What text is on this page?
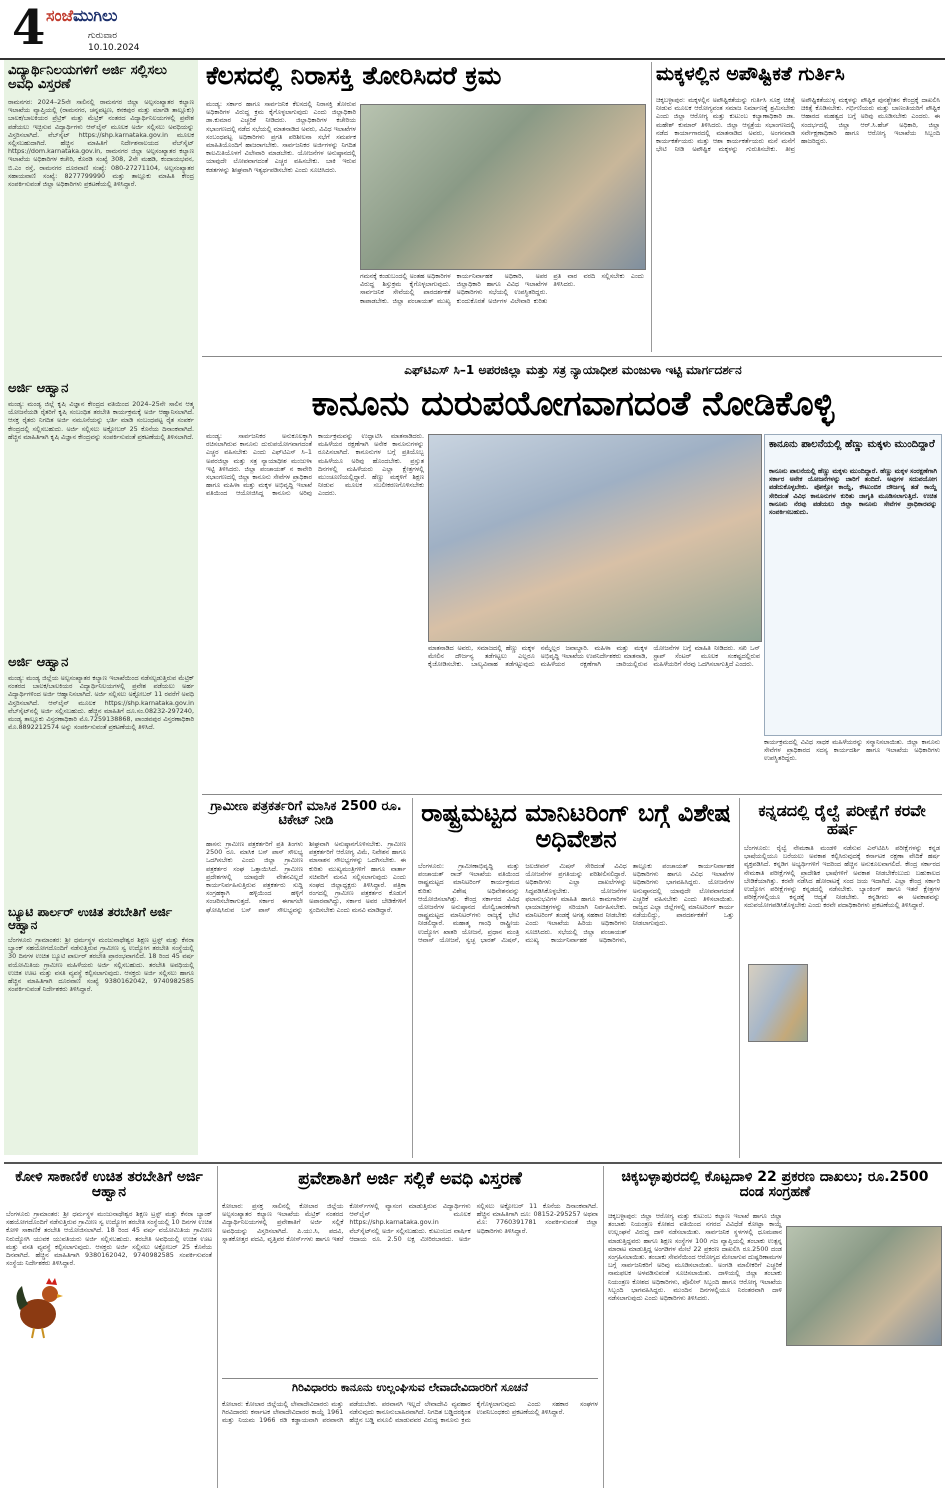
4 ಸಂಜೆಮುಗಿಲು
ಗುರುವಾರ
10.10.2024
ವಿದ್ಯಾರ್ಥಿನಿಲಯಗಳಿಗೆ ಅರ್ಜಿ ಸಲ್ಲಿಸಲು ಅವಧಿ ವಿಸ್ತರಣೆ
ರಾಮನಗರ: 2024–25ನೇ ಸಾಲಿನಲ್ಲಿ ರಾಮನಗರ ಜಿಲ್ಲಾ ಅಲ್ಪಸಂಖ್ಯಾತರ ಕಲ್ಯಾಣ ಇಲಾಖೆಯ ವ್ಯಾಪ್ತಿಯಲ್ಲಿ (ರಾಮನಗರ, ಚನ್ನಪಟ್ಟಣ, ಕನಕಪುರ ಮತ್ತು ಮಾಗಡಿ ತಾಲ್ಲೂಕು) ಬಾಲಕ/ಬಾಲಕಿಯರ ಪ್ರೆಟ್ರಿಕ್ ಮತ್ತು ಮೆಟ್ರಿಕ್ ನಂತರದ ವಿದ್ಯಾರ್ಥಿನಿಲಯಗಳಲ್ಲಿ ಪ್ರವೇಶ ಪಡೆಯಲು ಇಚ್ಛಿಸುವ ವಿದ್ಯಾರ್ಥಿಗಳು ಆನ್‌ಲೈನ್ ಮೂಲಕ ಅರ್ಜಿ ಸಲ್ಲಿಸಲು ಅವಧಿಯನ್ನು ವಿಸ್ತರಿಸಲಾಗಿದೆ. ವೆಬ್‌ಸೈಟ್ https://shp.karnataka.gov.in ಮೂಲಕ ಸಲ್ಲಿಸಬಹುದಾಗಿದೆ. ಹೆಚ್ಚಿನ ಮಾಹಿತಿಗೆ ನಿರ್ದೇಶನಾಲಯದ ವೆಬ್‌ಸೈಟ್ https://dom.karnataka.gov.in, ರಾಮನಗರ ಜಿಲ್ಲಾ ಅಲ್ಪಸಂಖ್ಯಾತರ ಕಲ್ಯಾಣ ಇಲಾಖೆಯ ಅಧಿಕಾರಿಗಳ ಕಚೇರಿ, ಕೊಠಡಿ ಸಂಖ್ಯೆ 308, 2ನೇ ಮಹಡಿ, ಕಂದಾಯಭವನ, ಬಿ.ಎಂ ರಸ್ತೆ, ರಾಮನಗರ ದೂರವಾಣಿ ಸಂಖ್ಯೆ: 080-27271104, ಅಲ್ಪಸಂಖ್ಯಾತರ ಸಹಾಯವಾಣಿ ಸಂಖ್ಯೆ: 8277799990 ಮತ್ತು ತಾಲ್ಲೂಕು ಮಾಹಿತಿ ಕೇಂದ್ರ ಸಂಪರ್ಕಿಸುವಂತೆ ಜಿಲ್ಲಾ ಅಧಿಕಾರಿಗಳು ಪ್ರಕಟಣೆಯಲ್ಲಿ ತಿಳಿಸಿದ್ದಾರೆ.
ಅರ್ಜಿ ಆಹ್ವಾನ
ಮಂಡ್ಯ: ಮಂಡ್ಯ ಜಿಲ್ಲೆ ಕೃಷಿ ವಿಜ್ಞಾನ ಕೇಂದ್ರದ ವತಿಯಿಂದ 2024–25ನೇ ಸಾಲಿನ ಆತ್ಮ ಯೋಜನೆಯಡಿ ರೈತರಿಗೆ ಕೃಷಿ ಸಂಬಂಧಿತ ತರಬೇತಿ ಕಾರ್ಯಕ್ರಮಕ್ಕೆ ಅರ್ಜಿ ಆಹ್ವಾನಿಸಲಾಗಿದೆ. ಆಸಕ್ತ ರೈತರು ನಿಗದಿತ ಅರ್ಜಿ ನಮೂನೆಯನ್ನು ಭರ್ತಿ ಮಾಡಿ ಸಂಬಂಧಪಟ್ಟ ರೈತ ಸಂಪರ್ಕ ಕೇಂದ್ರದಲ್ಲಿ ಸಲ್ಲಿಸಬಹುದು. ಅರ್ಜಿ ಸಲ್ಲಿಸಲು ಅಕ್ಟೋಬರ್ 25 ಕೊನೆಯ ದಿನಾಂಕವಾಗಿದೆ. ಹೆಚ್ಚಿನ ಮಾಹಿತಿಗಾಗಿ ಕೃಷಿ ವಿಜ್ಞಾನ ಕೇಂದ್ರವನ್ನು ಸಂಪರ್ಕಿಸುವಂತೆ ಪ್ರಕಟಣೆಯಲ್ಲಿ ತಿಳಿಸಲಾಗಿದೆ.
ಅರ್ಜಿ ಆಹ್ವಾನ
ಮಂಡ್ಯ: ಮಂಡ್ಯ ಜಿಲ್ಲೆಯ ಅಲ್ಪಸಂಖ್ಯಾತರ ಕಲ್ಯಾಣ ಇಲಾಖೆಯಿಂದ ನಡೆಸಲ್ಪಡುತ್ತಿರುವ ಮೆಟ್ರಿಕ್ ನಂತರದ ಬಾಲಕ/ಬಾಲಕಿಯರ ವಿದ್ಯಾರ್ಥಿನಿಲಯಗಳಲ್ಲಿ ಪ್ರವೇಶ ಪಡೆಯಲು ಅರ್ಹ ವಿದ್ಯಾರ್ಥಿಗಳಿಂದ ಅರ್ಜಿ ಆಹ್ವಾನಿಸಲಾಗಿದೆ. ಅರ್ಜಿ ಸಲ್ಲಿಸಲು ಅಕ್ಟೋಬರ್ 11 ರವರೆಗೆ ಅವಧಿ ವಿಸ್ತರಿಸಲಾಗಿದೆ. ಆನ್‌ಲೈನ್ ಮೂಲಕ https://shp.karnataka.gov.in ವೆಬ್‌ಸೈಟ್‌ನಲ್ಲಿ ಅರ್ಜಿ ಸಲ್ಲಿಸಬಹುದು. ಹೆಚ್ಚಿನ ಮಾಹಿತಿಗೆ ದೂ.ಸಂ.08232-297240, ಮಂಡ್ಯ ತಾಲ್ಲೂಕು ವಿಸ್ತರಣಾಧಿಕಾರಿ ಮೊ.7259138868, ಪಾಂಡವಪುರ ವಿಸ್ತರಣಾಧಿಕಾರಿ ಮೊ.8892212574 ಅನ್ನು ಸಂಪರ್ಕಿಸುವಂತೆ ಪ್ರಕಟಣೆಯಲ್ಲಿ ತಿಳಿಸಿದೆ.
ಬ್ಯೂಟಿ ಪಾರ್ಲರ್ ಉಚಿತ ತರಬೇತಿಗೆ ಅರ್ಜಿ ಆಹ್ವಾನ
ಬೆಂಗಳೂರು ಗ್ರಾಮಾಂತರ: ಶ್ರೀ ಧರ್ಮಸ್ಥಳ ಮಂಜುನಾಥೇಶ್ವರ ಶಿಕ್ಷಣ ಟ್ರಸ್ಟ್ ಮತ್ತು ಕೆನರಾ ಬ್ಯಾಂಕ್ ಸಹಯೋಗದೊಂದಿಗೆ ನಡೆಸುತ್ತಿರುವ ಗ್ರಾಮೀಣ ಸ್ವ ಉದ್ಯೋಗ ತರಬೇತಿ ಸಂಸ್ಥೆಯಲ್ಲಿ 30 ದಿನಗಳ ಉಚಿತ ಬ್ಯೂಟಿ ಪಾರ್ಲರ್ ತರಬೇತಿ ಪ್ರಾರಂಭವಾಗಲಿದೆ. 18 ರಿಂದ 45 ವರ್ಷ ವಯೋಮಿತಿಯ ಗ್ರಾಮೀಣ ಮಹಿಳೆಯರು ಅರ್ಜಿ ಸಲ್ಲಿಸಬಹುದು. ತರಬೇತಿ ಅವಧಿಯಲ್ಲಿ ಉಚಿತ ಊಟ ಮತ್ತು ವಸತಿ ವ್ಯವಸ್ಥೆ ಕಲ್ಪಿಸಲಾಗುವುದು. ಆಸಕ್ತರು ಅರ್ಜಿ ಸಲ್ಲಿಸಲು ಹಾಗೂ ಹೆಚ್ಚಿನ ಮಾಹಿತಿಗಾಗಿ ದೂರವಾಣಿ ಸಂಖ್ಯೆ 9380162042, 9740982585 ಸಂಪರ್ಕಿಸುವಂತೆ ನಿರ್ದೇಶಕರು ತಿಳಿಸಿದ್ದಾರೆ.
ಕೆಲಸದಲ್ಲಿ ನಿರಾಸಕ್ತಿ ತೋರಿಸಿದರೆ ಕ್ರಮ
ಮಂಡ್ಯ: ಸರ್ಕಾರ ಹಾಗೂ ಸಾರ್ವಜನಿಕ ಕೆಲಸದಲ್ಲಿ ನಿರಾಸಕ್ತಿ ತೋರುವ ಅಧಿಕಾರಿಗಳ ವಿರುದ್ಧ ಕ್ರಮ ಕೈಗೊಳ್ಳಲಾಗುವುದು ಎಂದು ಜಿಲ್ಲಾಧಿಕಾರಿ ಡಾ.ಕುಮಾರ ಎಚ್ಚರಿಕೆ ನೀಡಿದರು. ಜಿಲ್ಲಾಧಿಕಾರಿಗಳ ಕಚೇರಿಯ ಸಭಾಂಗಣದಲ್ಲಿ ನಡೆದ ಸಭೆಯಲ್ಲಿ ಮಾತನಾಡಿದ ಅವರು, ವಿವಿಧ ಇಲಾಖೆಗಳ ಸಂಬಂಧಪಟ್ಟ ಅಧಿಕಾರಿಗಳು ಪ್ರಗತಿ ಪರಿಶೀಲನಾ ಸಭೆಗೆ ಸಮರ್ಪಕ ಮಾಹಿತಿಯೊಂದಿಗೆ ಹಾಜರಾಗಬೇಕು. ಸಾರ್ವಜನಿಕರ ಅರ್ಜಿಗಳನ್ನು ನಿಗದಿತ ಕಾಲಮಿತಿಯೊಳಗೆ ವಿಲೇವಾರಿ ಮಾಡಬೇಕು. ಯೋಜನೆಗಳ ಅನುಷ್ಠಾನದಲ್ಲಿ ಯಾವುದೇ ಲೋಪವಾಗದಂತೆ ಎಚ್ಚರ ವಹಿಸಬೇಕು. ಬಾಕಿ ಇರುವ ಕಡತಗಳನ್ನು ಶೀಘ್ರವಾಗಿ ಇತ್ಯರ್ಥಪಡಿಸಬೇಕು ಎಂದು ಸೂಚಿಸಿದರು.
ಗಮನಕ್ಕೆ ಕಂಡುಬಂದಲ್ಲಿ ಅಂತಹ ಅಧಿಕಾರಿಗಳ ವಿರುದ್ಧ ಶಿಸ್ತುಕ್ರಮ ಕೈಗೊಳ್ಳಲಾಗುವುದು. ಸಾರ್ವಜನಿಕ ಸೇವೆಯಲ್ಲಿ ಪಾರದರ್ಶಕತೆ ಕಾಪಾಡಬೇಕು. ಜಿಲ್ಲಾ ಪಂಚಾಯತ್ ಮುಖ್ಯ ಕಾರ್ಯನಿರ್ವಾಹಕ ಅಧಿಕಾರಿ, ಅಪರ ಜಿಲ್ಲಾಧಿಕಾರಿ ಹಾಗೂ ವಿವಿಧ ಇಲಾಖೆಗಳ ಅಧಿಕಾರಿಗಳು ಸಭೆಯಲ್ಲಿ ಉಪಸ್ಥಿತರಿದ್ದರು. ಕುಂದುಕೊರತೆ ಅರ್ಜಿಗಳ ವಿಲೇವಾರಿ ಕುರಿತು ಪ್ರತಿ ವಾರ ವರದಿ ಸಲ್ಲಿಸಬೇಕು ಎಂದು ತಿಳಿಸಿದರು.
ಮಕ್ಕಳಲ್ಲಿನ ಅಪೌಷ್ಟಿಕತೆ ಗುರ್ತಿಸಿ
ಚಿಕ್ಕಬಳ್ಳಾಪುರ: ಮಕ್ಕಳಲ್ಲಿನ ಅಪೌಷ್ಟಿಕತೆಯನ್ನು ಗುರ್ತಿಸಿ ಸೂಕ್ತ ಚಿಕಿತ್ಸೆ ನೀಡುವ ಮೂಲಕ ಆರೋಗ್ಯವಂತ ಸಮಾಜ ನಿರ್ಮಾಣಕ್ಕೆ ಶ್ರಮಿಸಬೇಕು ಎಂದು ಜಿಲ್ಲಾ ಆರೋಗ್ಯ ಮತ್ತು ಕುಟುಂಬ ಕಲ್ಯಾಣಾಧಿಕಾರಿ ಡಾ. ಮಹೇಶ್ ಕುಮಾರ್ ತಿಳಿಸಿದರು. ಜಿಲ್ಲಾ ಆಸ್ಪತ್ರೆಯ ಸಭಾಂಗಣದಲ್ಲಿ ನಡೆದ ಕಾರ್ಯಾಗಾರದಲ್ಲಿ ಮಾತನಾಡಿದ ಅವರು, ಅಂಗನವಾಡಿ ಕಾರ್ಯಕರ್ತೆಯರು ಮತ್ತು ಆಶಾ ಕಾರ್ಯಕರ್ತೆಯರು ಮನೆ ಮನೆಗೆ ಭೇಟಿ ನೀಡಿ ಅಪೌಷ್ಟಿಕ ಮಕ್ಕಳನ್ನು ಗುರುತಿಸಬೇಕು. ತೀವ್ರ ಅಪೌಷ್ಟಿಕತೆಯುಳ್ಳ ಮಕ್ಕಳನ್ನು ಪೌಷ್ಟಿಕ ಪುನಶ್ಚೇತನ ಕೇಂದ್ರಕ್ಕೆ ದಾಖಲಿಸಿ ಚಿಕಿತ್ಸೆ ಕೊಡಿಸಬೇಕು. ಗರ್ಭಿಣಿಯರು ಮತ್ತು ಬಾಣಂತಿಯರಿಗೆ ಪೌಷ್ಟಿಕ ಆಹಾರದ ಮಹತ್ವದ ಬಗ್ಗೆ ಅರಿವು ಮೂಡಿಸಬೇಕು ಎಂದರು. ಈ ಸಂದರ್ಭದಲ್ಲಿ ಜಿಲ್ಲಾ ಆರ್.ಸಿ.ಹೆಚ್ ಅಧಿಕಾರಿ, ಜಿಲ್ಲಾ ಸರ್ವೇಕ್ಷಣಾಧಿಕಾರಿ ಹಾಗೂ ಆರೋಗ್ಯ ಇಲಾಖೆಯ ಸಿಬ್ಬಂದಿ ಹಾಜರಿದ್ದರು.
ಎಫ್‌ಟಿಎಸ್ ಸಿ–1 ಅಪರಜಿಲ್ಲಾ ಮತ್ತು ಸತ್ರ ನ್ಯಾಯಾಧೀಶ ಮಂಜುಳಾ ಇಟ್ಟಿ ಮಾರ್ಗದರ್ಶನ
ಕಾನೂನು ದುರುಪಯೋಗವಾಗದಂತೆ ನೋಡಿಕೊಳ್ಳಿ
ಮಂಡ್ಯ: ಸಾರ್ವಜನಿಕರ ಅನುಕೂಲಕ್ಕಾಗಿ ರಚಿಸಲಾಗಿರುವ ಕಾನೂನು ದುರುಪಯೋಗವಾಗದಂತೆ ಎಚ್ಚರ ವಹಿಸಬೇಕು ಎಂದು ಎಫ್‌ಟಿಎಸ್ ಸಿ–1 ಅಪರಜಿಲ್ಲಾ ಮತ್ತು ಸತ್ರ ನ್ಯಾಯಾಧೀಶ ಮಂಜುಳಾ ಇಟ್ಟಿ ತಿಳಿಸಿದರು. ಜಿಲ್ಲಾ ಪಂಚಾಯತ್ ನ ಕಾವೇರಿ ಸಭಾಂಗಣದಲ್ಲಿ ಜಿಲ್ಲಾ ಕಾನೂನು ಸೇವೆಗಳ ಪ್ರಾಧಿಕಾರ ಹಾಗೂ ಮಹಿಳಾ ಮತ್ತು ಮಕ್ಕಳ ಅಭಿವೃದ್ಧಿ ಇಲಾಖೆ ವತಿಯಿಂದ ಆಯೋಜಿಸಿದ್ದ ಕಾನೂನು ಅರಿವು ಕಾರ್ಯಕ್ರಮವನ್ನು ಉದ್ಘಾಟಿಸಿ ಮಾತನಾಡಿದರು. ಮಹಿಳೆಯರ ರಕ್ಷಣೆಗಾಗಿ ಅನೇಕ ಕಾನೂನುಗಳನ್ನು ರೂಪಿಸಲಾಗಿದೆ. ಕಾನೂನುಗಳ ಬಗ್ಗೆ ಪ್ರತಿಯೊಬ್ಬ ಮಹಿಳೆಯೂ ಅರಿವು ಹೊಂದಬೇಕು. ಪ್ರಸ್ತುತ ದಿನಗಳಲ್ಲಿ ಮಹಿಳೆಯರು ಎಲ್ಲಾ ಕ್ಷೇತ್ರಗಳಲ್ಲಿ ಮುಂಚೂಣಿಯಲ್ಲಿದ್ದಾರೆ. ಹೆಣ್ಣು ಮಕ್ಕಳಿಗೆ ಶಿಕ್ಷಣ ನೀಡುವ ಮೂಲಕ ಸಬಲೀಕರಣಗೊಳಿಸಬೇಕು ಎಂದರು.
ಮಾತನಾಡಿದ ಅವರು, ಸಮಾಜದಲ್ಲಿ ಹೆಣ್ಣು ಮಕ್ಕಳ ಮೇಲಿನ ದೌರ್ಜನ್ಯ ತಡೆಗಟ್ಟಲು ಎಲ್ಲರೂ ಕೈಜೋಡಿಸಬೇಕು. ಬಾಲ್ಯವಿವಾಹ ತಡೆಗಟ್ಟುವುದು ನಮ್ಮೆಲ್ಲರ ಜವಾಬ್ದಾರಿ. ಮಹಿಳಾ ಮತ್ತು ಮಕ್ಕಳ ಅಭಿವೃದ್ಧಿ ಇಲಾಖೆಯ ಉಪನಿರ್ದೇಶಕರು ಮಾತನಾಡಿ, ಮಹಿಳೆಯರ ರಕ್ಷಣೆಗಾಗಿ ಜಾರಿಯಲ್ಲಿರುವ ಯೋಜನೆಗಳ ಬಗ್ಗೆ ಮಾಹಿತಿ ನೀಡಿದರು. ಸಖಿ ಒನ್ ಸ್ಟಾಪ್ ಸೆಂಟರ್ ಮೂಲಕ ಸಂಕಷ್ಟದಲ್ಲಿರುವ ಮಹಿಳೆಯರಿಗೆ ನೆರವು ಒದಗಿಸಲಾಗುತ್ತಿದೆ ಎಂದರು.
ಕಾನೂನು ಪಾಲನೆಯಲ್ಲಿ ಹೆಣ್ಣು ಮಕ್ಕಳು ಮುಂದಿದ್ದಾರೆ
ಕಾನೂನು ಪಾಲನೆಯಲ್ಲಿ ಹೆಣ್ಣು ಮಕ್ಕಳು ಮುಂದಿದ್ದಾರೆ. ಹೆಣ್ಣು ಮಕ್ಕಳ ಸಂರಕ್ಷಣೆಗಾಗಿ ಸರ್ಕಾರ ಅನೇಕ ಯೋಜನೆಗಳನ್ನು ಜಾರಿಗೆ ತಂದಿದೆ. ಅವುಗಳ ಸದುಪಯೋಗ ಪಡೆದುಕೊಳ್ಳಬೇಕು. ಪೋಕ್ಸೋ ಕಾಯ್ದೆ, ಕೌಟುಂಬಿಕ ದೌರ್ಜನ್ಯ ತಡೆ ಕಾಯ್ದೆ ಸೇರಿದಂತೆ ವಿವಿಧ ಕಾನೂನುಗಳ ಕುರಿತು ಜಾಗೃತಿ ಮೂಡಿಸಲಾಗುತ್ತಿದೆ. ಉಚಿತ ಕಾನೂನು ನೆರವು ಪಡೆಯಲು ಜಿಲ್ಲಾ ಕಾನೂನು ಸೇವೆಗಳ ಪ್ರಾಧಿಕಾರವನ್ನು ಸಂಪರ್ಕಿಸಬಹುದು.
ಕಾರ್ಯಕ್ರಮದಲ್ಲಿ ವಿವಿಧ ಸಾಧಕ ಮಹಿಳೆಯರನ್ನು ಸನ್ಮಾನಿಸಲಾಯಿತು. ಜಿಲ್ಲಾ ಕಾನೂನು ಸೇವೆಗಳ ಪ್ರಾಧಿಕಾರದ ಸದಸ್ಯ ಕಾರ್ಯದರ್ಶಿ ಹಾಗೂ ಇಲಾಖೆಯ ಅಧಿಕಾರಿಗಳು ಉಪಸ್ಥಿತರಿದ್ದರು.
ಗ್ರಾಮೀಣ ಪತ್ರಕರ್ತರಿಗೆ ಮಾಸಿಕ 2500 ರೂ. ಟಿಕೇಟ್ ನೀಡಿ
ಹಾಸನ: ಗ್ರಾಮೀಣ ಪತ್ರಕರ್ತರಿಗೆ ಪ್ರತಿ ತಿಂಗಳು 2500 ರೂ. ಮಾಸಿಕ ಬಸ್ ಪಾಸ್ ಸೌಲಭ್ಯ ಒದಗಿಸಬೇಕು ಎಂದು ಜಿಲ್ಲಾ ಗ್ರಾಮೀಣ ಪತ್ರಕರ್ತರ ಸಂಘ ಒತ್ತಾಯಿಸಿದೆ. ಗ್ರಾಮೀಣ ಪ್ರದೇಶಗಳಲ್ಲಿ ಯಾವುದೇ ವೇತನವಿಲ್ಲದೆ ಕಾರ್ಯನಿರ್ವಹಿಸುತ್ತಿರುವ ಪತ್ರಕರ್ತರು ಸುದ್ದಿ ಸಂಗ್ರಹಕ್ಕಾಗಿ ಹಳ್ಳಿಯಿಂದ ಹಳ್ಳಿಗೆ ಸಂಚರಿಸಬೇಕಾಗುತ್ತದೆ. ಸರ್ಕಾರ ಈಗಾಗಲೇ ಘೋಷಿಸಿರುವ ಬಸ್ ಪಾಸ್ ಸೌಲಭ್ಯವನ್ನು ಶೀಘ್ರವಾಗಿ ಅನುಷ್ಠಾನಗೊಳಿಸಬೇಕು. ಗ್ರಾಮೀಣ ಪತ್ರಕರ್ತರಿಗೆ ಆರೋಗ್ಯ ವಿಮೆ, ನಿವೇಶನ ಹಾಗೂ ಮಾಸಾಶನ ಸೌಲಭ್ಯಗಳನ್ನು ಒದಗಿಸಬೇಕು. ಈ ಕುರಿತು ಮುಖ್ಯಮಂತ್ರಿಗಳಿಗೆ ಹಾಗೂ ವಾರ್ತಾ ಸಚಿವರಿಗೆ ಮನವಿ ಸಲ್ಲಿಸಲಾಗುವುದು ಎಂದು ಸಂಘದ ಜಿಲ್ಲಾಧ್ಯಕ್ಷರು ತಿಳಿಸಿದ್ದಾರೆ. ಪತ್ರಿಕಾ ರಂಗದಲ್ಲಿ ಗ್ರಾಮೀಣ ಪತ್ರಕರ್ತರ ಕೊಡುಗೆ ಅಪಾರವಾಗಿದ್ದು, ಸರ್ಕಾರ ಅವರ ಬೇಡಿಕೆಗಳಿಗೆ ಸ್ಪಂದಿಸಬೇಕು ಎಂದು ಮನವಿ ಮಾಡಿದ್ದಾರೆ.
ರಾಷ್ಟ್ರಮಟ್ಟದ ಮಾನಿಟರಿಂಗ್ ಬಗ್ಗೆ ವಿಶೇಷ ಅಧಿವೇಶನ
ಬೆಂಗಳೂರು: ಗ್ರಾಮೀಣಾಭಿವೃದ್ಧಿ ಮತ್ತು ಪಂಚಾಯತ್ ರಾಜ್ ಇಲಾಖೆಯ ವತಿಯಿಂದ ರಾಷ್ಟ್ರಮಟ್ಟದ ಮಾನಿಟರಿಂಗ್ ಕಾರ್ಯಕ್ರಮದ ಕುರಿತು ವಿಶೇಷ ಅಧಿವೇಶನವನ್ನು ಆಯೋಜಿಸಲಾಗಿತ್ತು. ಕೇಂದ್ರ ಸರ್ಕಾರದ ವಿವಿಧ ಯೋಜನೆಗಳ ಅನುಷ್ಠಾನದ ಮೇಲ್ವಿಚಾರಣೆಗಾಗಿ ರಾಷ್ಟ್ರಮಟ್ಟದ ಮಾನಿಟರ್‌ಗಳು ರಾಜ್ಯಕ್ಕೆ ಭೇಟಿ ನೀಡಲಿದ್ದಾರೆ. ಮಹಾತ್ಮ ಗಾಂಧಿ ರಾಷ್ಟ್ರೀಯ ಉದ್ಯೋಗ ಖಾತರಿ ಯೋಜನೆ, ಪ್ರಧಾನ ಮಂತ್ರಿ ಆವಾಸ್ ಯೋಜನೆ, ಸ್ವಚ್ಛ ಭಾರತ್ ಮಿಷನ್, ಜಲಜೀವನ್ ಮಿಷನ್ ಸೇರಿದಂತೆ ವಿವಿಧ ಯೋಜನೆಗಳ ಪ್ರಗತಿಯನ್ನು ಪರಿಶೀಲಿಸಲಿದ್ದಾರೆ. ಅಧಿಕಾರಿಗಳು ಎಲ್ಲಾ ದಾಖಲೆಗಳನ್ನು ಸಿದ್ಧಪಡಿಸಿಕೊಳ್ಳಬೇಕು. ಯೋಜನೆಗಳ ಫಲಾನುಭವಿಗಳ ಮಾಹಿತಿ ಹಾಗೂ ಕಾಮಗಾರಿಗಳ ಛಾಯಾಚಿತ್ರಗಳನ್ನು ಸರಿಯಾಗಿ ನಿರ್ವಹಿಸಬೇಕು. ಮಾನಿಟರಿಂಗ್ ತಂಡಕ್ಕೆ ಅಗತ್ಯ ಸಹಕಾರ ನೀಡಬೇಕು ಎಂದು ಇಲಾಖೆಯ ಹಿರಿಯ ಅಧಿಕಾರಿಗಳು ಸೂಚಿಸಿದರು. ಸಭೆಯಲ್ಲಿ ಜಿಲ್ಲಾ ಪಂಚಾಯತ್ ಮುಖ್ಯ ಕಾರ್ಯನಿರ್ವಾಹಕ ಅಧಿಕಾರಿಗಳು, ತಾಲ್ಲೂಕು ಪಂಚಾಯತ್ ಕಾರ್ಯನಿರ್ವಾಹಕ ಅಧಿಕಾರಿಗಳು ಹಾಗೂ ವಿವಿಧ ಇಲಾಖೆಗಳ ಅಧಿಕಾರಿಗಳು ಭಾಗವಹಿಸಿದ್ದರು. ಯೋಜನೆಗಳ ಅನುಷ್ಠಾನದಲ್ಲಿ ಯಾವುದೇ ಲೋಪವಾಗದಂತೆ ಎಚ್ಚರಿಕೆ ವಹಿಸಬೇಕು ಎಂದು ತಿಳಿಸಲಾಯಿತು. ರಾಜ್ಯದ ಎಲ್ಲಾ ಜಿಲ್ಲೆಗಳಲ್ಲಿ ಮಾನಿಟರಿಂಗ್ ಕಾರ್ಯ ನಡೆಯಲಿದ್ದು, ಪಾರದರ್ಶಕತೆಗೆ ಒತ್ತು ನೀಡಲಾಗುವುದು.
ಕನ್ನಡದಲ್ಲಿ ರೈಲ್ವೆ ಪರೀಕ್ಷೆಗೆ ಕರವೇ ಹರ್ಷ
ಬೆಂಗಳೂರು: ರೈಲ್ವೆ ನೇಮಕಾತಿ ಮಂಡಳಿ ನಡೆಸುವ ಎನ್‌ಟಿಪಿಸಿ ಪರೀಕ್ಷೆಗಳನ್ನು ಕನ್ನಡ ಭಾಷೆಯಲ್ಲಿಯೂ ಬರೆಯಲು ಅವಕಾಶ ಕಲ್ಪಿಸಿರುವುದಕ್ಕೆ ಕರ್ನಾಟಕ ರಕ್ಷಣಾ ವೇದಿಕೆ ಹರ್ಷ ವ್ಯಕ್ತಪಡಿಸಿದೆ. ಕನ್ನಡಿಗ ಅಭ್ಯರ್ಥಿಗಳಿಗೆ ಇದರಿಂದ ಹೆಚ್ಚಿನ ಅನುಕೂಲವಾಗಲಿದೆ. ಕೇಂದ್ರ ಸರ್ಕಾರದ ನೇಮಕಾತಿ ಪರೀಕ್ಷೆಗಳಲ್ಲಿ ಪ್ರಾದೇಶಿಕ ಭಾಷೆಗಳಿಗೆ ಅವಕಾಶ ನೀಡಬೇಕೆಂಬುದು ಬಹುಕಾಲದ ಬೇಡಿಕೆಯಾಗಿತ್ತು. ಕರವೇ ನಡೆಸಿದ ಹೋರಾಟಕ್ಕೆ ಸಂದ ಜಯ ಇದಾಗಿದೆ. ಎಲ್ಲಾ ಕೇಂದ್ರ ಸರ್ಕಾರಿ ಉದ್ಯೋಗ ಪರೀಕ್ಷೆಗಳನ್ನು ಕನ್ನಡದಲ್ಲಿ ನಡೆಸಬೇಕು. ಬ್ಯಾಂಕಿಂಗ್ ಹಾಗೂ ಇತರೆ ಕ್ಷೇತ್ರಗಳ ಪರೀಕ್ಷೆಗಳಲ್ಲಿಯೂ ಕನ್ನಡಕ್ಕೆ ಆದ್ಯತೆ ನೀಡಬೇಕು. ಕನ್ನಡಿಗರು ಈ ಅವಕಾಶವನ್ನು ಸದುಪಯೋಗಪಡಿಸಿಕೊಳ್ಳಬೇಕು ಎಂದು ಕರವೇ ಪದಾಧಿಕಾರಿಗಳು ಪ್ರಕಟಣೆಯಲ್ಲಿ ತಿಳಿಸಿದ್ದಾರೆ.
ಕೋಳಿ ಸಾಕಾಣಿಕೆ ಉಚಿತ ತರಬೇತಿಗೆ ಅರ್ಜಿ ಆಹ್ವಾನ
ಬೆಂಗಳೂರು ಗ್ರಾಮಾಂತರ: ಶ್ರೀ ಧರ್ಮಸ್ಥಳ ಮಂಜುನಾಥೇಶ್ವರ ಶಿಕ್ಷಣ ಟ್ರಸ್ಟ್ ಮತ್ತು ಕೆನರಾ ಬ್ಯಾಂಕ್ ಸಹಯೋಗದೊಂದಿಗೆ ನಡೆಸುತ್ತಿರುವ ಗ್ರಾಮೀಣ ಸ್ವ ಉದ್ಯೋಗ ತರಬೇತಿ ಸಂಸ್ಥೆಯಲ್ಲಿ 10 ದಿನಗಳ ಉಚಿತ ಕೋಳಿ ಸಾಕಾಣಿಕೆ ತರಬೇತಿ ಆಯೋಜಿಸಲಾಗಿದೆ. 18 ರಿಂದ 45 ವರ್ಷ ವಯೋಮಿತಿಯ ಗ್ರಾಮೀಣ ನಿರುದ್ಯೋಗಿ ಯುವಕ ಯುವತಿಯರು ಅರ್ಜಿ ಸಲ್ಲಿಸಬಹುದು. ತರಬೇತಿ ಅವಧಿಯಲ್ಲಿ ಉಚಿತ ಊಟ ಮತ್ತು ವಸತಿ ವ್ಯವಸ್ಥೆ ಕಲ್ಪಿಸಲಾಗುವುದು. ಆಸಕ್ತರು ಅರ್ಜಿ ಸಲ್ಲಿಸಲು ಅಕ್ಟೋಬರ್ 25 ಕೊನೆಯ ದಿನವಾಗಿದೆ. ಹೆಚ್ಚಿನ ಮಾಹಿತಿಗಾಗಿ 9380162042, 9740982585 ಸಂಪರ್ಕಿಸುವಂತೆ ಸಂಸ್ಥೆಯ ನಿರ್ದೇಶಕರು ತಿಳಿಸಿದ್ದಾರೆ.
ಪ್ರವೇಶಾತಿಗೆ ಅರ್ಜಿ ಸಲ್ಲಿಕೆ ಅವಧಿ ವಿಸ್ತರಣೆ
ಕೋಲಾರ: ಪ್ರಸಕ್ತ ಸಾಲಿನಲ್ಲಿ ಕೋಲಾರ ಜಿಲ್ಲೆಯ ಅಲ್ಪಸಂಖ್ಯಾತರ ಕಲ್ಯಾಣ ಇಲಾಖೆಯ ಮೆಟ್ರಿಕ್ ನಂತರದ ವಿದ್ಯಾರ್ಥಿನಿಲಯಗಳಲ್ಲಿ ಪ್ರವೇಶಾತಿಗೆ ಅರ್ಜಿ ಸಲ್ಲಿಕೆ ಅವಧಿಯನ್ನು ವಿಸ್ತರಿಸಲಾಗಿದೆ. ಪಿ.ಯು.ಸಿ, ಪದವಿ, ಸ್ನಾತಕೋತ್ತರ ಪದವಿ, ವೃತ್ತಿಪರ ಕೋರ್ಸ್‌ಗಳು ಹಾಗೂ ಇತರೆ ಕೋರ್ಸ್‌ಗಳಲ್ಲಿ ವ್ಯಾಸಂಗ ಮಾಡುತ್ತಿರುವ ವಿದ್ಯಾರ್ಥಿಗಳು ಆನ್‌ಲೈನ್ ಮೂಲಕ https://shp.karnataka.gov.in ವೆಬ್‌ಸೈಟ್‌ನಲ್ಲಿ ಅರ್ಜಿ ಸಲ್ಲಿಸಬಹುದು. ಕುಟುಂಬದ ವಾರ್ಷಿಕ ಆದಾಯ ರೂ. 2.50 ಲಕ್ಷ ಮೀರಿರಬಾರದು. ಅರ್ಜಿ ಸಲ್ಲಿಸಲು ಅಕ್ಟೋಬರ್ 11 ಕೊನೆಯ ದಿನಾಂಕವಾಗಿದೆ. ಹೆಚ್ಚಿನ ಮಾಹಿತಿಗಾಗಿ ದೂ: 08152-295257 ಅಥವಾ ಮೊ: 7760391781 ಸಂಪರ್ಕಿಸುವಂತೆ ಜಿಲ್ಲಾ ಅಧಿಕಾರಿಗಳು ತಿಳಿಸಿದ್ದಾರೆ.
ಗಿರಿವಿಧಾರರು ಕಾನೂನು ಉಲ್ಲಂಘಿಸುವ ಲೇವಾದೇವಿದಾರರಿಗೆ ಸೂಚನೆ
ಕೋಲಾರ: ಕೋಲಾರ ಜಿಲ್ಲೆಯಲ್ಲಿ ಲೇವಾದೇವಿದಾರರು ಮತ್ತು ಗಿರವಿದಾರರು ಕರ್ನಾಟಕ ಲೇವಾದೇವಿದಾರರ ಕಾಯ್ದೆ 1961 ಮತ್ತು ನಿಯಮ 1966 ರಡಿ ಕಡ್ಡಾಯವಾಗಿ ಪರವಾನಗಿ ಪಡೆಯಬೇಕು. ಪರವಾನಗಿ ಇಲ್ಲದೆ ಲೇವಾದೇವಿ ವ್ಯವಹಾರ ನಡೆಸುವುದು ಕಾನೂನುಬಾಹಿರವಾಗಿದೆ. ನಿಗದಿತ ಬಡ್ಡಿದರಕ್ಕಿಂತ ಹೆಚ್ಚಿನ ಬಡ್ಡಿ ವಸೂಲಿ ಮಾಡುವವರ ವಿರುದ್ಧ ಕಾನೂನು ಕ್ರಮ ಕೈಗೊಳ್ಳಲಾಗುವುದು ಎಂದು ಸಹಕಾರ ಸಂಘಗಳ ಉಪನಿಬಂಧಕರು ಪ್ರಕಟಣೆಯಲ್ಲಿ ತಿಳಿಸಿದ್ದಾರೆ.
ಚಿಕ್ಕಬಳ್ಳಾಪುರದಲ್ಲಿ ಕೊಟ್ಪದಾಳಿ 22 ಪ್ರಕರಣ ದಾಖಲು; ರೂ.2500 ದಂಡ ಸಂಗ್ರಹಣೆ
ಚಿಕ್ಕಬಳ್ಳಾಪುರ: ಜಿಲ್ಲಾ ಆರೋಗ್ಯ ಮತ್ತು ಕುಟುಂಬ ಕಲ್ಯಾಣ ಇಲಾಖೆ ಹಾಗೂ ಜಿಲ್ಲಾ ತಂಬಾಕು ನಿಯಂತ್ರಣ ಕೋಶದ ವತಿಯಿಂದ ನಗರದ ವಿವಿಧೆಡೆ ಕೋಟ್ಪಾ ಕಾಯ್ದೆ ಉಲ್ಲಂಘನೆ ವಿರುದ್ಧ ದಾಳಿ ನಡೆಸಲಾಯಿತು. ಸಾರ್ವಜನಿಕ ಸ್ಥಳಗಳಲ್ಲಿ ಧೂಮಪಾನ ಮಾಡುತ್ತಿದ್ದವರು ಹಾಗೂ ಶಿಕ್ಷಣ ಸಂಸ್ಥೆಗಳ 100 ಗಜ ವ್ಯಾಪ್ತಿಯಲ್ಲಿ ತಂಬಾಕು ಉತ್ಪನ್ನ ಮಾರಾಟ ಮಾಡುತ್ತಿದ್ದ ಅಂಗಡಿಗಳ ಮೇಲೆ 22 ಪ್ರಕರಣ ದಾಖಲಿಸಿ ರೂ.2500 ದಂಡ ಸಂಗ್ರಹಿಸಲಾಯಿತು. ತಂಬಾಕು ಸೇವನೆಯಿಂದ ಆರೋಗ್ಯದ ಮೇಲಾಗುವ ದುಷ್ಪರಿಣಾಮಗಳ ಬಗ್ಗೆ ಸಾರ್ವಜನಿಕರಿಗೆ ಅರಿವು ಮೂಡಿಸಲಾಯಿತು. ಅಂಗಡಿ ಮಾಲೀಕರಿಗೆ ಎಚ್ಚರಿಕೆ ನಾಮಫಲಕ ಅಳವಡಿಸುವಂತೆ ಸೂಚಿಸಲಾಯಿತು. ದಾಳಿಯಲ್ಲಿ ಜಿಲ್ಲಾ ತಂಬಾಕು ನಿಯಂತ್ರಣ ಕೋಶದ ಅಧಿಕಾರಿಗಳು, ಪೊಲೀಸ್ ಸಿಬ್ಬಂದಿ ಹಾಗೂ ಆರೋಗ್ಯ ಇಲಾಖೆಯ ಸಿಬ್ಬಂದಿ ಭಾಗವಹಿಸಿದ್ದರು. ಮುಂದಿನ ದಿನಗಳಲ್ಲಿಯೂ ನಿರಂತರವಾಗಿ ದಾಳಿ ನಡೆಸಲಾಗುವುದು ಎಂದು ಅಧಿಕಾರಿಗಳು ತಿಳಿಸಿದರು.
